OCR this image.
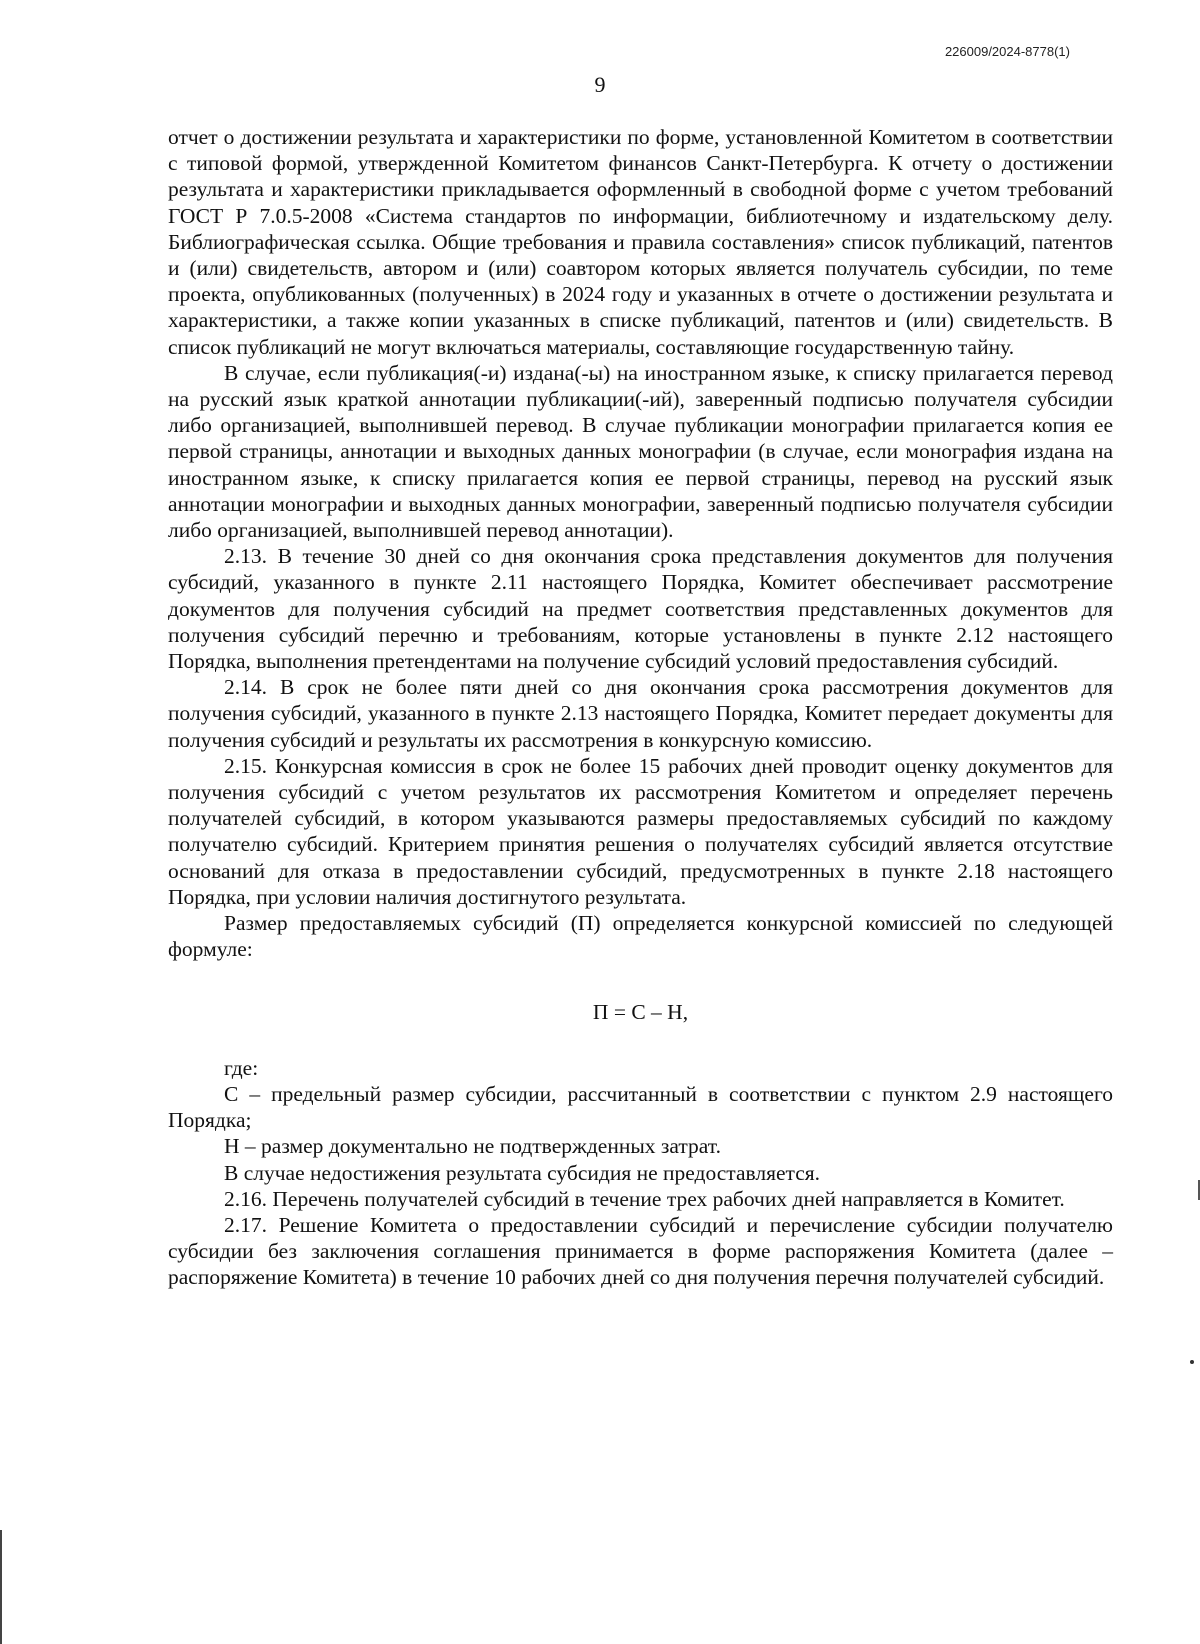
226009/2024-8778(1)
9

отчет о достижении результата и характеристики по форме, установленной Комитетом в соответствии с типовой формой, утвержденной Комитетом финансов Санкт-Петербурга. К отчету о достижении результата и характеристики прикладывается оформленный в свободной форме с учетом требований ГОСТ Р 7.0.5-2008 «Система стандартов по информации, библиотечному и издательскому делу. Библиографическая ссылка. Общие требования и правила составления» список публикаций, патентов и (или) свидетельств, автором и (или) соавтором которых является получатель субсидии, по теме проекта, опубликованных (полученных) в 2024 году и указанных в отчете о достижении результата и характеристики, а также копии указанных в списке публикаций, патентов и (или) свидетельств. В список публикаций не могут включаться материалы, составляющие государственную тайну.

В случае, если публикация(-и) издана(-ы) на иностранном языке, к списку прилагается перевод на русский язык краткой аннотации публикации(-ий), заверенный подписью получателя субсидии либо организацией, выполнившей перевод. В случае публикации монографии прилагается копия ее первой страницы, аннотации и выходных данных монографии (в случае, если монография издана на иностранном языке, к списку прилагается копия ее первой страницы, перевод на русский язык аннотации монографии и выходных данных монографии, заверенный подписью получателя субсидии либо организацией, выполнившей перевод аннотации).

2.13. В течение 30 дней со дня окончания срока представления документов для получения субсидий, указанного в пункте 2.11 настоящего Порядка, Комитет обеспечивает рассмотрение документов для получения субсидий на предмет соответствия представленных документов для получения субсидий перечню и требованиям, которые установлены в пункте 2.12 настоящего Порядка, выполнения претендентами на получение субсидий условий предоставления субсидий.

2.14. В срок не более пяти дней со дня окончания срока рассмотрения документов для получения субсидий, указанного в пункте 2.13 настоящего Порядка, Комитет передает документы для получения субсидий и результаты их рассмотрения в конкурсную комиссию.

2.15. Конкурсная комиссия в срок не более 15 рабочих дней проводит оценку документов для получения субсидий с учетом результатов их рассмотрения Комитетом и определяет перечень получателей субсидий, в котором указываются размеры предоставляемых субсидий по каждому получателю субсидий. Критерием принятия решения о получателях субсидий является отсутствие оснований для отказа в предоставлении субсидий, предусмотренных в пункте 2.18 настоящего Порядка, при условии наличия достигнутого результата.

Размер предоставляемых субсидий (П) определяется конкурсной комиссией по следующей формуле:

П = С – Н,

где:

С – предельный размер субсидии, рассчитанный в соответствии с пунктом 2.9 настоящего Порядка;

Н – размер документально не подтвержденных затрат.

В случае недостижения результата субсидия не предоставляется.

2.16. Перечень получателей субсидий в течение трех рабочих дней направляется в Комитет.

2.17. Решение Комитета о предоставлении субсидий и перечисление субсидии получателю субсидии без заключения соглашения принимается в форме распоряжения Комитета (далее – распоряжение Комитета) в течение 10 рабочих дней со дня получения перечня получателей субсидий.
